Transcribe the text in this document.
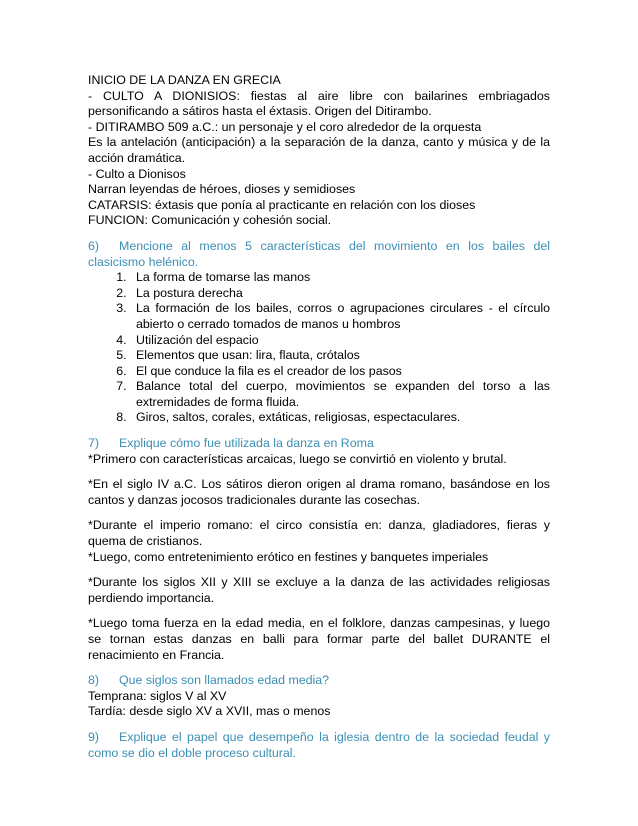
INICIO DE LA DANZA EN GRECIA

- CULTO A DIONISIOS: fiestas al aire libre con bailarines embriagados personificando a sátiros hasta el éxtasis. Origen del Ditirambo.

- DITIRAMBO 509 a.C.: un personaje y el coro alrededor de la orquesta

Es la antelación (anticipación) a la separación de la danza, canto y música y de la acción dramática.

- Culto a Dionisos

Narran leyendas de héroes, dioses y semidioses

CATARSIS: éxtasis que ponía al practicante en relación con los dioses

FUNCION: Comunicación y cohesión social.

6) Mencione al menos 5 características del movimiento en los bailes del clasicismo helénico.

1. La forma de tomarse las manos
2. La postura derecha
3. La formación de los bailes, corros o agrupaciones circulares - el círculo abierto o cerrado tomados de manos u hombros
4. Utilización del espacio
5. Elementos que usan: lira, flauta, crótalos
6. El que conduce la fila es el creador de los pasos
7. Balance total del cuerpo, movimientos se expanden del torso a las extremidades de forma fluida.
8. Giros, saltos, corales, extáticas, religiosas, espectaculares.

7) Explique cómo fue utilizada la danza en Roma

*Primero con características arcaicas, luego se convirtió en violento y brutal.

*En el siglo IV a.C. Los sátiros dieron origen al drama romano, basándose en los cantos y danzas jocosos tradicionales durante las cosechas.

*Durante el imperio romano: el circo consistía en: danza, gladiadores, fieras y quema de cristianos.

*Luego, como entretenimiento erótico en festines y banquetes imperiales

*Durante los siglos XII y XIII se excluye a la danza de las actividades religiosas perdiendo importancia.

*Luego toma fuerza en la edad media, en el folklore, danzas campesinas, y luego se tornan estas danzas en balli para formar parte del ballet DURANTE el renacimiento en Francia.

8) Que siglos son llamados edad media?

Temprana: siglos V al XV

Tardía: desde siglo XV a XVII, mas o menos

9) Explique el papel que desempeño la iglesia dentro de la sociedad feudal y como se dio el doble proceso cultural.
